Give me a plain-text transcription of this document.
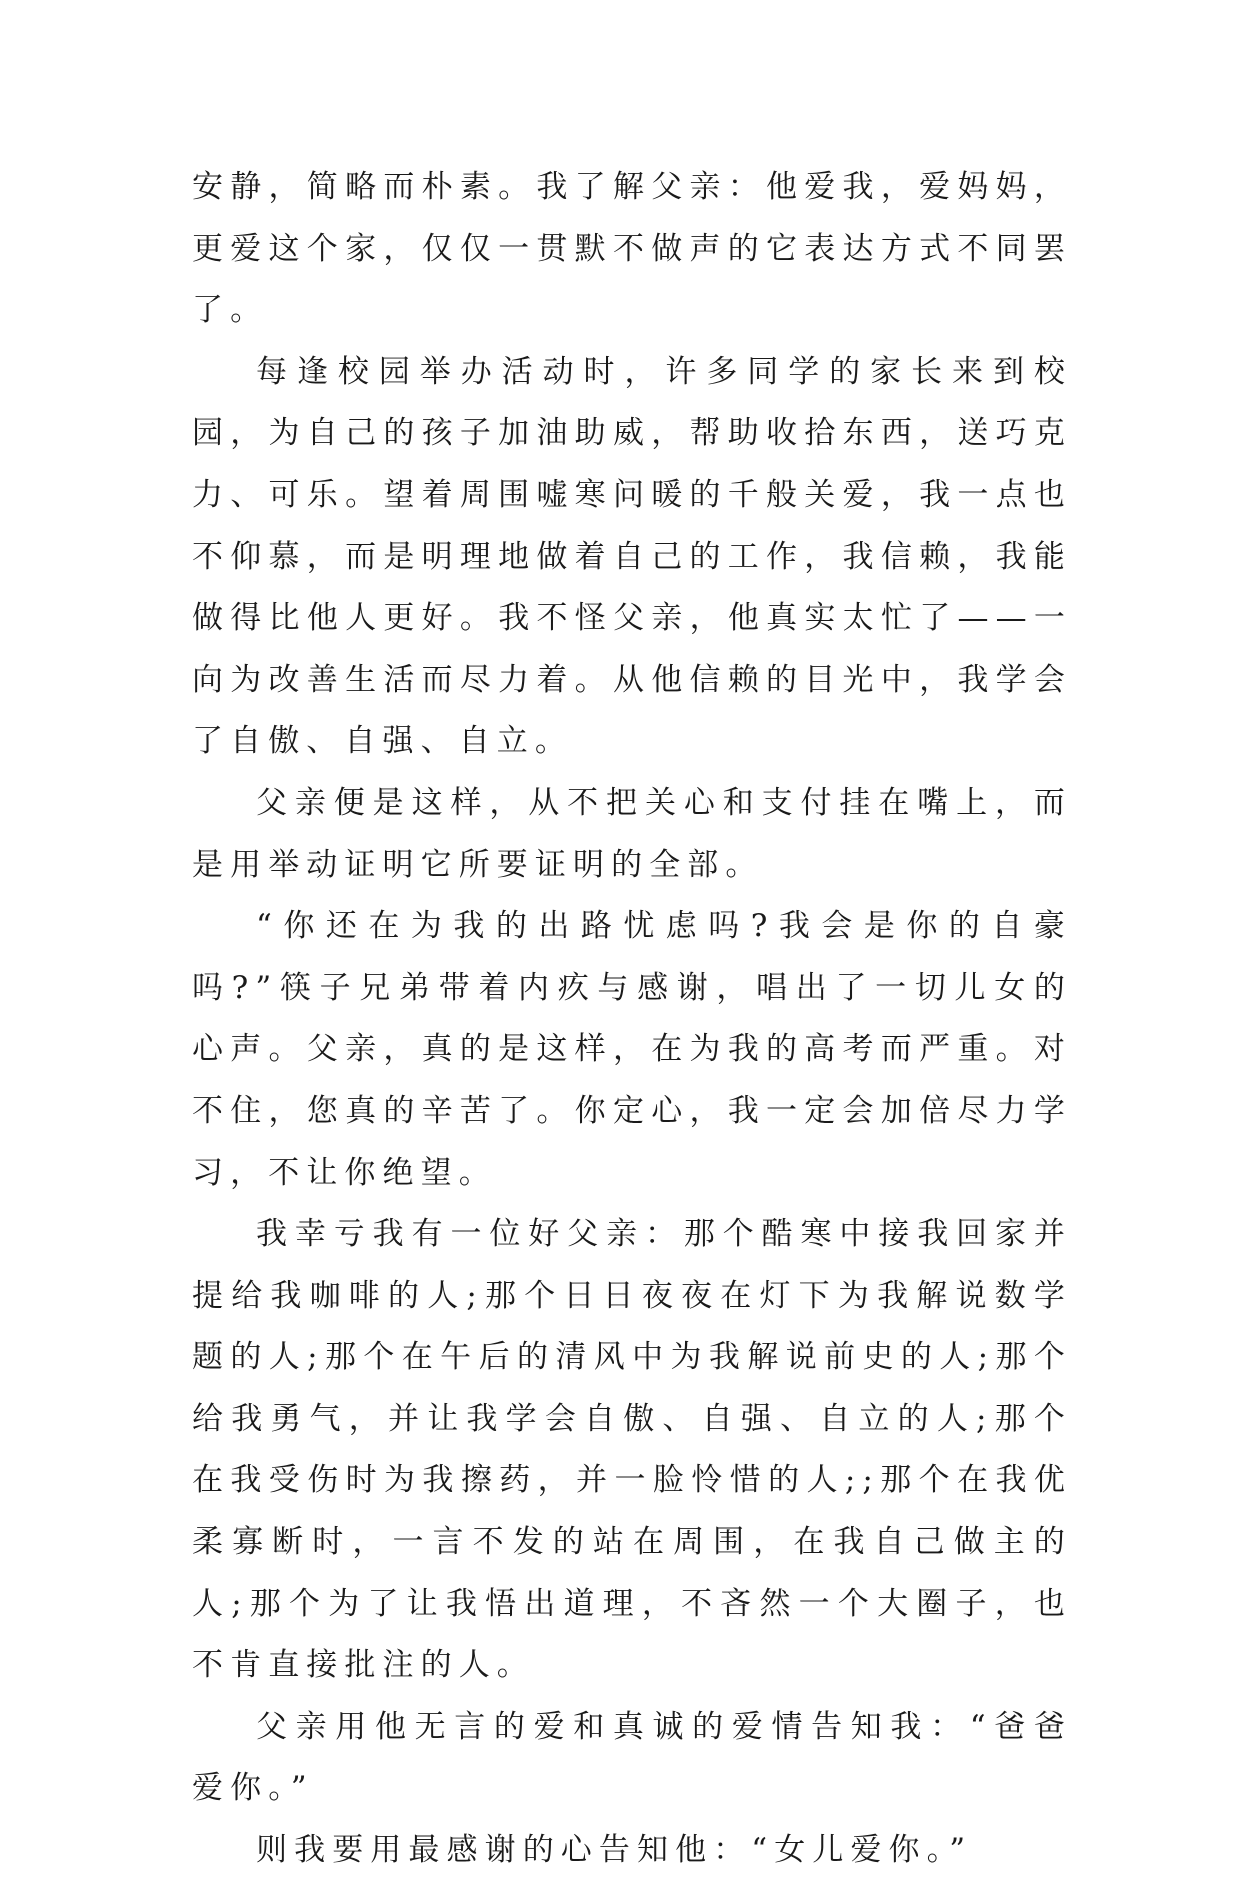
安静，简略而朴素。我了解父亲：他爱我，爱妈妈，更爱这个家，仅仅一贯默不做声的它表达方式不同罢了。

每逢校园举办活动时，许多同学的家长来到校园，为自己的孩子加油助威，帮助收拾东西，送巧克力、可乐。望着周围嘘寒问暖的千般关爱，我一点也不仰慕，而是明理地做着自己的工作，我信赖，我能做得比他人更好。我不怪父亲，他真实太忙了——一向为改善生活而尽力着。从他信赖的目光中，我学会了自傲、自强、自立。

父亲便是这样，从不把关心和支付挂在嘴上，而是用举动证明它所要证明的全部。

“你还在为我的出路忧虑吗?我会是你的自豪吗?”筷子兄弟带着内疚与感谢，唱出了一切儿女的心声。父亲，真的是这样，在为我的高考而严重。对不住，您真的辛苦了。你定心，我一定会加倍尽力学习，不让你绝望。

我幸亏我有一位好父亲：那个酷寒中接我回家并提给我咖啡的人;那个日日夜夜在灯下为我解说数学题的人;那个在午后的清风中为我解说前史的人;那个给我勇气，并让我学会自傲、自强、自立的人;那个在我受伤时为我擦药，并一脸怜惜的人;;那个在我优柔寡断时，一言不发的站在周围，在我自己做主的人;那个为了让我悟出道理，不吝然一个大圈子，也不肯直接批注的人。

父亲用他无言的爱和真诚的爱情告知我：“爸爸爱你。”

则我要用最感谢的心告知他：“女儿爱你。”
